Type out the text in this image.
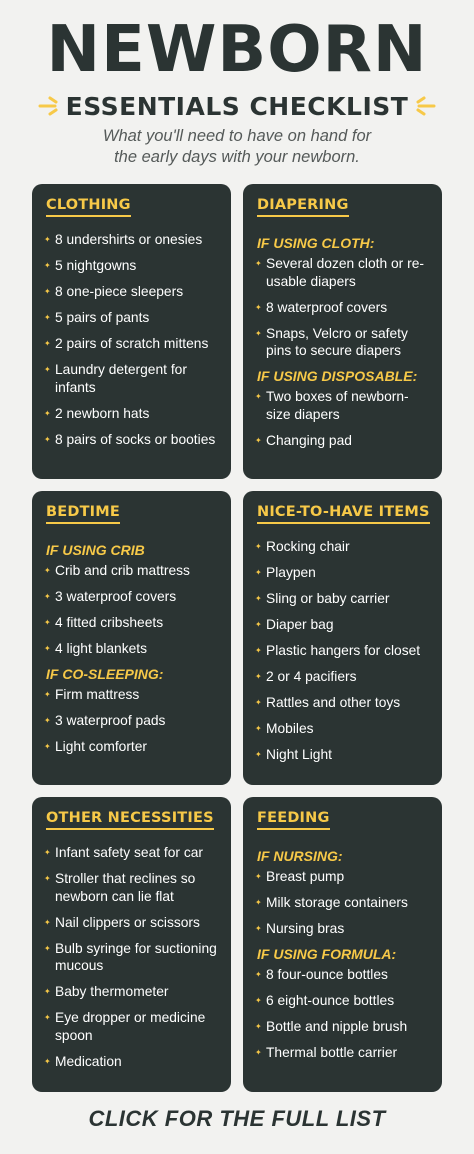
NEWBORN
ESSENTIALS CHECKLIST
What you'll need to have on hand for
the early days with your newborn.
CLOTHING
✦ 8 undershirts or onesies
✦ 5 nightgowns
✦ 8 one-piece sleepers
✦ 5 pairs of pants
✦ 2 pairs of scratch mittens
✦ Laundry detergent for infants
✦ 2 newborn hats
✦ 8 pairs of socks or booties
DIAPERING
IF USING CLOTH:
✦ Several dozen cloth or re-usable diapers
✦ 8 waterproof covers
✦ Snaps, Velcro or safety pins to secure diapers
IF USING DISPOSABLE:
✦ Two boxes of newborn-size diapers
✦ Changing pad
BEDTIME
IF USING CRIB
✦ Crib and crib mattress
✦ 3 waterproof covers
✦ 4 fitted cribsheets
✦ 4 light blankets
IF CO-SLEEPING:
✦ Firm mattress
✦ 3 waterproof pads
✦ Light comforter
NICE-TO-HAVE ITEMS
✦ Rocking chair
✦ Playpen
✦ Sling or baby carrier
✦ Diaper bag
✦ Plastic hangers for closet
✦ 2 or 4 pacifiers
✦ Rattles and other toys
✦ Mobiles
✦ Night Light
OTHER NECESSITIES
✦ Infant safety seat for car
✦ Stroller that reclines so newborn can lie flat
✦ Nail clippers or scissors
✦ Bulb syringe for suctioning mucous
✦ Baby thermometer
✦ Eye dropper or medicine spoon
✦ Medication
FEEDING
IF NURSING:
✦ Breast pump
✦ Milk storage containers
✦ Nursing bras
IF USING FORMULA:
✦ 8 four-ounce bottles
✦ 6 eight-ounce bottles
✦ Bottle and nipple brush
✦ Thermal bottle carrier
CLICK FOR THE FULL LIST
